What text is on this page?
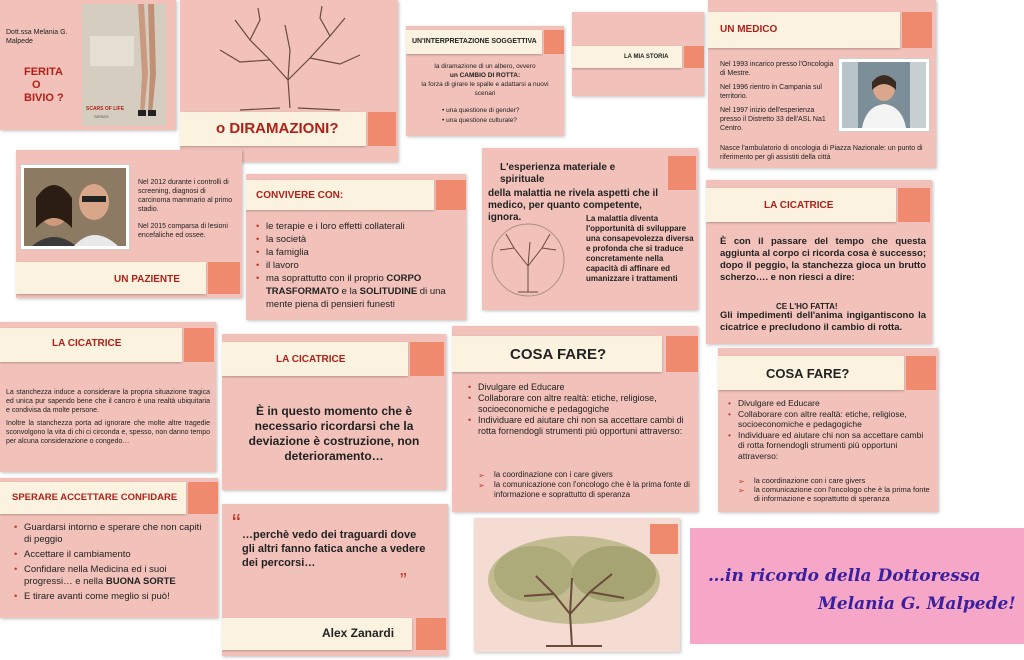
Dott.ssa Melania G. Malpede
FERITA
O
BIVIO ?
SCARS OF LIFE
SERIES
o DIRAMAZIONI?
UN'INTERPRETAZIONE SOGGETTIVA
la diramazione di un albero, ovvero
un CAMBIO DI ROTTA:
la forza di girare le spalle e adattarsi a nuovi scenari
• una questione di gender?
• una questione culturale?
LA MIA STORIA
UN MEDICO
Nel 1993 incarico presso l'Oncologia di Mestre.
Nel 1996 rientro in Campania sul territorio.
Nel 1997 inizio dell'esperienza presso il Distretto 33 dell'ASL Na1 Centro.
Nasce l'ambulatorio di oncologia di Piazza Nazionale: un punto di riferimento per gli assistiti della città
Nel 2012 durante i controlli di screening, diagnosi di carcinoma mammario al primo stadio.
Nel 2015 comparsa di lesioni encefaliche ed ossee.
UN PAZIENTE
CONVIVERE CON:
• le terapie e i loro effetti collaterali
• la società
• la famiglia
• il lavoro
• ma soprattutto con il proprio CORPO TRASFORMATO e la SOLITUDINE di una mente piena di pensieri funesti
L'esperienza materiale e spirituale
della malattia ne rivela aspetti che il medico, per quanto competente, ignora.	La malattia diventa l'opportunità di sviluppare una consapevolezza diversa e profonda che si traduce concretamente nella capacità di affinare ed umanizzare i trattamenti
LA CICATRICE
È con il passare del tempo che questa aggiunta al corpo ci ricorda cosa è successo; dopo il peggio, la stanchezza gioca un brutto scherzo…. e non riesci a dire:
CE L'HO FATTA!
Gli impedimenti dell'anima ingigantiscono la cicatrice e precludono il cambio di rotta.
LA CICATRICE
La stanchezza induce a considerare la propria situazione tragica ed unica pur sapendo bene che il cancro è una realtà ubiquitaria e condivisa da molte persone.
Inoltre la stanchezza porta ad ignorare che molte altre tragedie sconvolgono la vita di chi ci circonda e, spesso, non danno tempo per alcuna considerazione o congedo…
LA CICATRICE
È in questo momento che è necessario ricordarsi che la deviazione è costruzione, non deterioramento…
COSA FARE?
• Divulgare ed Educare
• Collaborare con altre realtà: etiche, religiose, socioeconomiche e pedagogiche
• Individuare ed aiutare chi non sa accettare cambi di rotta fornendogli strumenti più opportuni attraverso:
➢ la coordinazione con i care givers
➢ la comunicazione con l'oncologo che è la prima fonte di informazione e soprattutto di speranza
COSA FARE?
• Divulgare ed Educare
• Collaborare con altre realtà: etiche, religiose, socioeconomiche e pedagogiche
• Individuare ed aiutare chi non sa accettare cambi di rotta fornendogli strumenti più opportuni attraverso:
➢ la coordinazione con i care givers
➢ la comunicazione con l'oncologo che è la prima fonte di informazione e soprattutto di speranza
SPERARE ACCETTARE CONFIDARE
• Guardarsi intorno e sperare che non capiti di peggio
• Accettare il cambiamento
• Confidare nella Medicina ed i suoi progressi… e nella BUONA SORTE
• E tirare avanti come meglio si può!
“ …perchè vedo dei traguardi dove gli altri fanno fatica anche a vedere dei percorsi…
”
Alex Zanardi
…in ricordo della Dottoressa
Melania G. Malpede!
